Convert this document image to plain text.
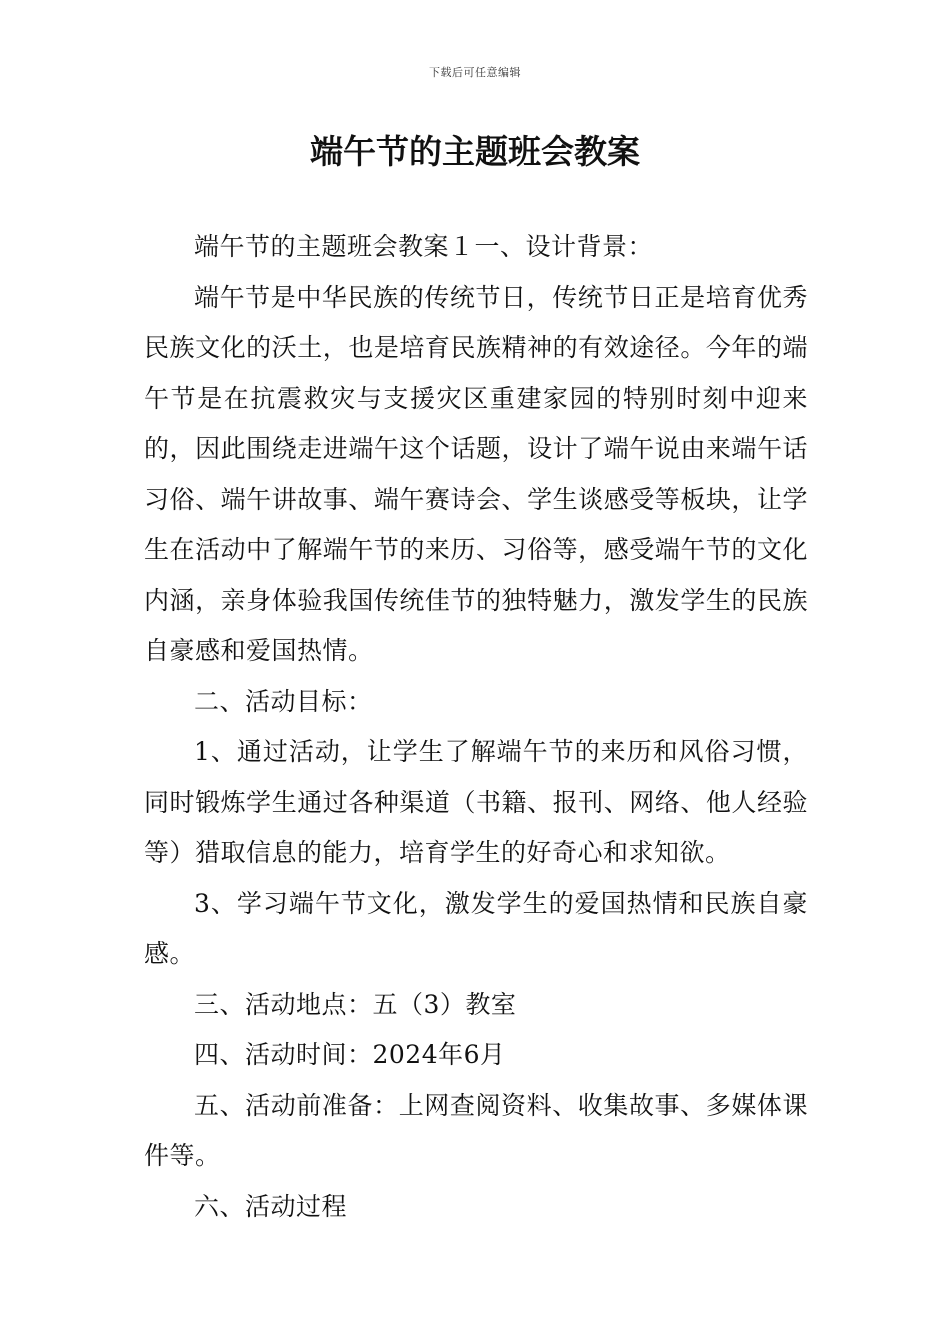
下载后可任意编辑
端午节的主题班会教案

端午节的主题班会教案１一、设计背景：

端午节是中华民族的传统节日，传统节日正是培育优秀民族文化的沃土，也是培育民族精神的有效途径。今年的端午节是在抗震救灾与支援灾区重建家园的特别时刻中迎来的，因此围绕走进端午这个话题，设计了端午说由来端午话习俗、端午讲故事、端午赛诗会、学生谈感受等板块，让学生在活动中了解端午节的来历、习俗等，感受端午节的文化内涵，亲身体验我国传统佳节的独特魅力，激发学生的民族自豪感和爱国热情。

二、活动目标：

1、通过活动，让学生了解端午节的来历和风俗习惯，同时锻炼学生通过各种渠道（书籍、报刊、网络、他人经验等）猎取信息的能力，培育学生的好奇心和求知欲。

3、学习端午节文化，激发学生的爱国热情和民族自豪感。

三、活动地点：五（3）教室

四、活动时间：2024年6月

五、活动前准备：上网查阅资料、收集故事、多媒体课件等。

六、活动过程
